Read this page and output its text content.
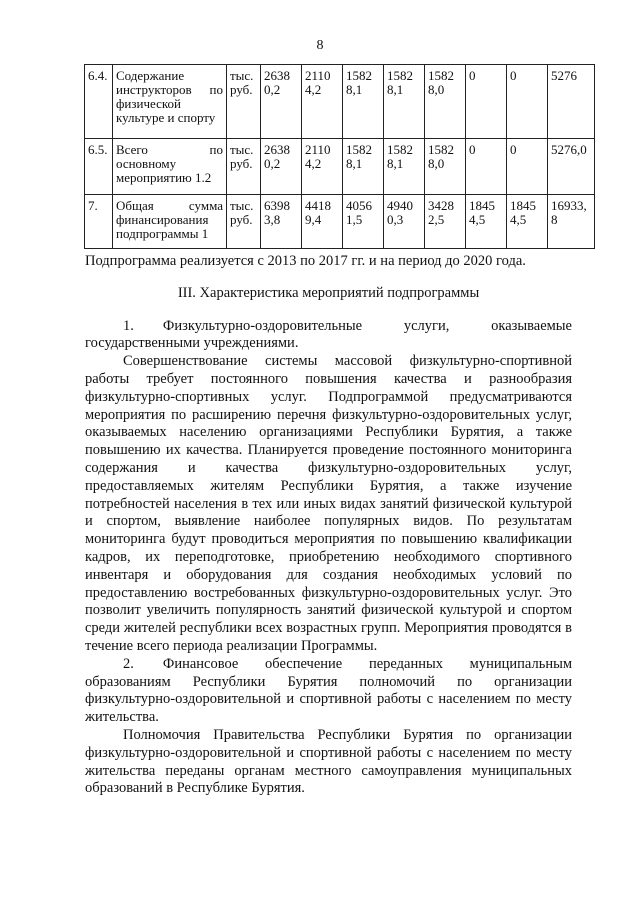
8
6.4.	Содержание инструкторов по физической культуре и спорту	тыс. руб.	26380,2	21104,2	15828,1	15828,1	15828,0	0	0	5276
6.5.	Всего по основному мероприятию 1.2	тыс. руб.	26380,2	21104,2	15828,1	15828,1	15828,0	0	0	5276,0
7.	Общая сумма финансирования подпрограммы 1	тыс. руб.	63983,8	44189,4	40561,5	49400,3	34282,5	18454,5	18454,5	16933,8

Подпрограмма реализуется с 2013 по 2017 гг. и на период до 2020 года.

III. Характеристика мероприятий подпрограммы

1.  Физкультурно-оздоровительные услуги, оказываемые государственными учреждениями.

Совершенствование системы массовой физкультурно-спортивной работы требует постоянного повышения качества и разнообразия физкультурно-спортивных услуг. Подпрограммой предусматриваются мероприятия по расширению перечня физкультурно-оздоровительных услуг, оказываемых населению организациями Республики Бурятия, а также повышению их качества. Планируется проведение постоянного мониторинга содержания и качества физкультурно-оздоровительных услуг, предоставляемых жителям Республики Бурятия, а также изучение потребностей населения в тех или иных видах занятий физической культурой и спортом, выявление наиболее популярных видов. По результатам мониторинга будут проводиться мероприятия по повышению квалификации кадров, их переподготовке, приобретению необходимого спортивного инвентаря и оборудования для создания необходимых условий по предоставлению востребованных физкультурно-оздоровительных услуг. Это позволит увеличить популярность занятий физической культурой и спортом среди жителей республики всех возрастных групп. Мероприятия проводятся в течение всего периода реализации Программы.

2.  Финансовое обеспечение переданных муниципальным образованиям Республики Бурятия полномочий по организации физкультурно-оздоровительной и спортивной работы с населением по месту жительства.

Полномочия Правительства Республики Бурятия по организации физкультурно-оздоровительной и спортивной работы с населением по месту жительства переданы органам местного самоуправления муниципальных образований в Республике Бурятия.
